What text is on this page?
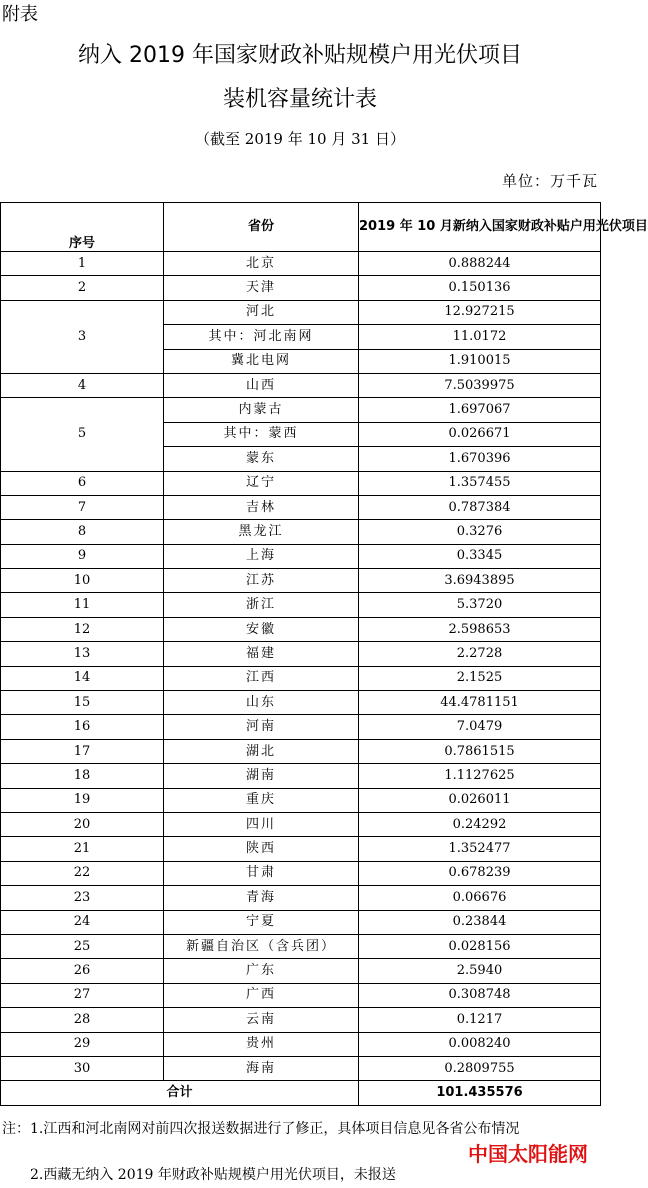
附表
纳入 2019 年国家财政补贴规模户用光伏项目
装机容量统计表
（截至 2019 年 10 月 31 日）
单位：万千瓦
序号	省份	2019 年 10 月新纳入国家财政补贴户用光伏项目
1	北京	0.888244
2	天津	0.150136
3	河北	12.927215
	其中：河北南网	11.0172
	冀北电网	1.910015
4	山西	7.5039975
5	内蒙古	1.697067
	其中：蒙西	0.026671
	蒙东	1.670396
6	辽宁	1.357455
7	吉林	0.787384
8	黑龙江	0.3276
9	上海	0.3345
10	江苏	3.6943895
11	浙江	5.3720
12	安徽	2.598653
13	福建	2.2728
14	江西	2.1525
15	山东	44.4781151
16	河南	7.0479
17	湖北	0.7861515
18	湖南	1.1127625
19	重庆	0.026011
20	四川	0.24292
21	陕西	1.352477
22	甘肃	0.678239
23	青海	0.06676
24	宁夏	0.23844
25	新疆自治区（含兵团）	0.028156
26	广东	2.5940
27	广西	0.308748
28	云南	0.1217
29	贵州	0.008240
30	海南	0.2809755
合计		101.435576
注：1.江西和河北南网对前四次报送数据进行了修正，具体项目信息见各省公布情况
2.西藏无纳入 2019 年财政补贴规模户用光伏项目，未报送
中国太阳能网
